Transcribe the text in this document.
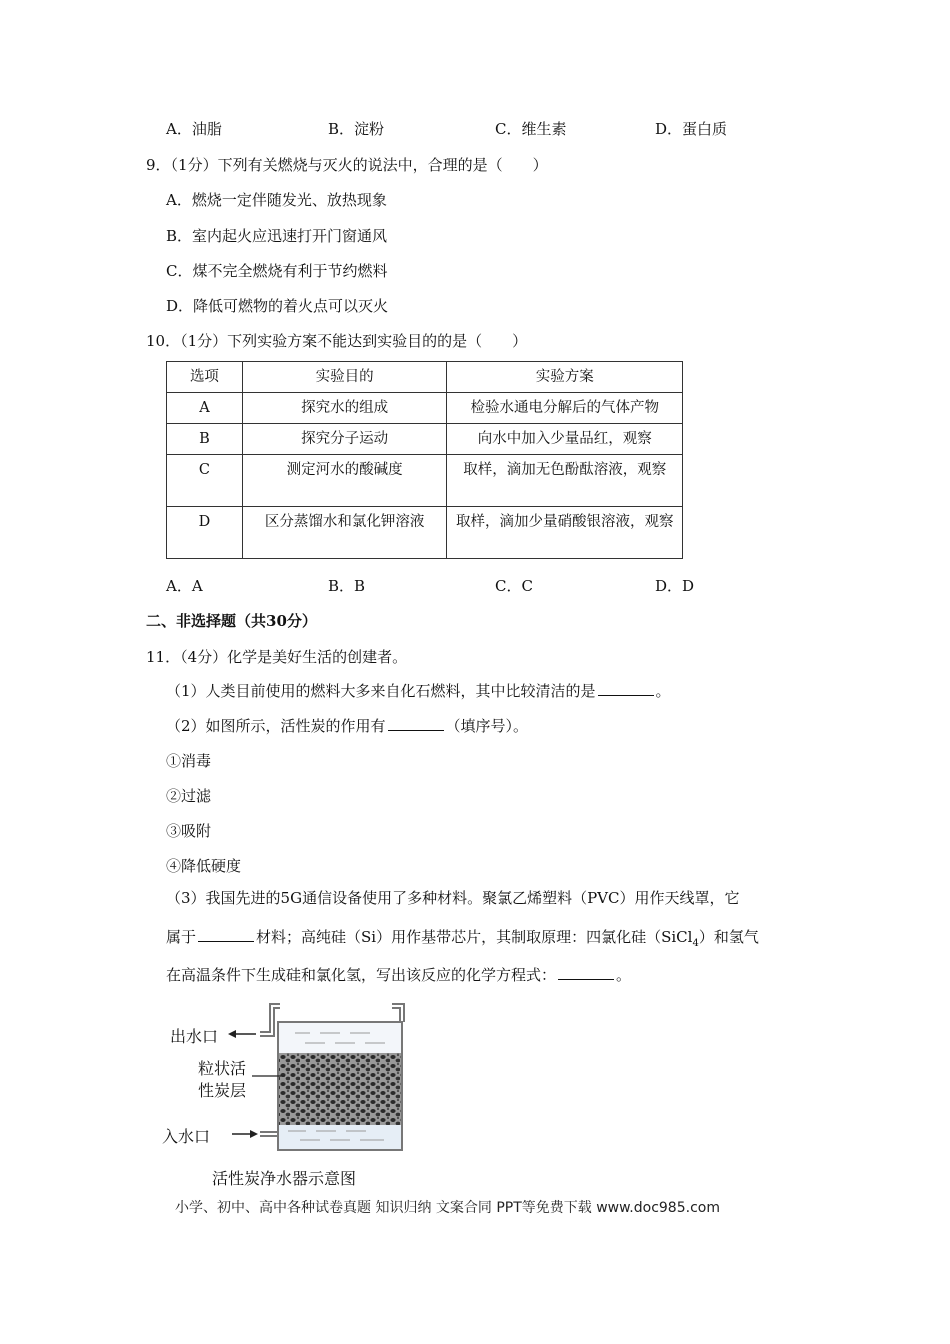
A．油脂	B．淀粉	C．维生素	D．蛋白质
9．（1分）下列有关燃烧与灭火的说法中，合理的是（　　）
A．燃烧一定伴随发光、放热现象
B．室内起火应迅速打开门窗通风
C．煤不完全燃烧有利于节约燃料
D．降低可燃物的着火点可以灭火
10．（1分）下列实验方案不能达到实验目的的是（　　）
选项	实验目的	实验方案
A	探究水的组成	检验水通电分解后的气体产物
B	探究分子运动	向水中加入少量品红，观察
C	测定河水的酸碱度	取样，滴加无色酚酞溶液，观察
D	区分蒸馏水和氯化钾溶液	取样，滴加少量硝酸银溶液，观察
A．A	B．B	C．C	D．D
二、非选择题（共30分）
11．（4分）化学是美好生活的创建者。
（1）人类目前使用的燃料大多来自化石燃料，其中比较清洁的是	。
（2）如图所示，活性炭的作用有	（填序号）。
①消毒
②过滤
③吸附
④降低硬度
（3）我国先进的5G通信设备使用了多种材料。聚氯乙烯塑料（PVC）用作天线罩，它
属于	材料；高纯硅（Si）用作基带芯片，其制取原理：四氯化硅（SiCl$_4$）和氢气
在高温条件下生成硅和氯化氢，写出该反应的化学方程式：	。
出水口
粒状活
性炭层
入水口
活性炭净水器示意图
小学、初中、高中各种试卷真题 知识归纳 文案合同 PPT等免费下载 www.doc985.com
